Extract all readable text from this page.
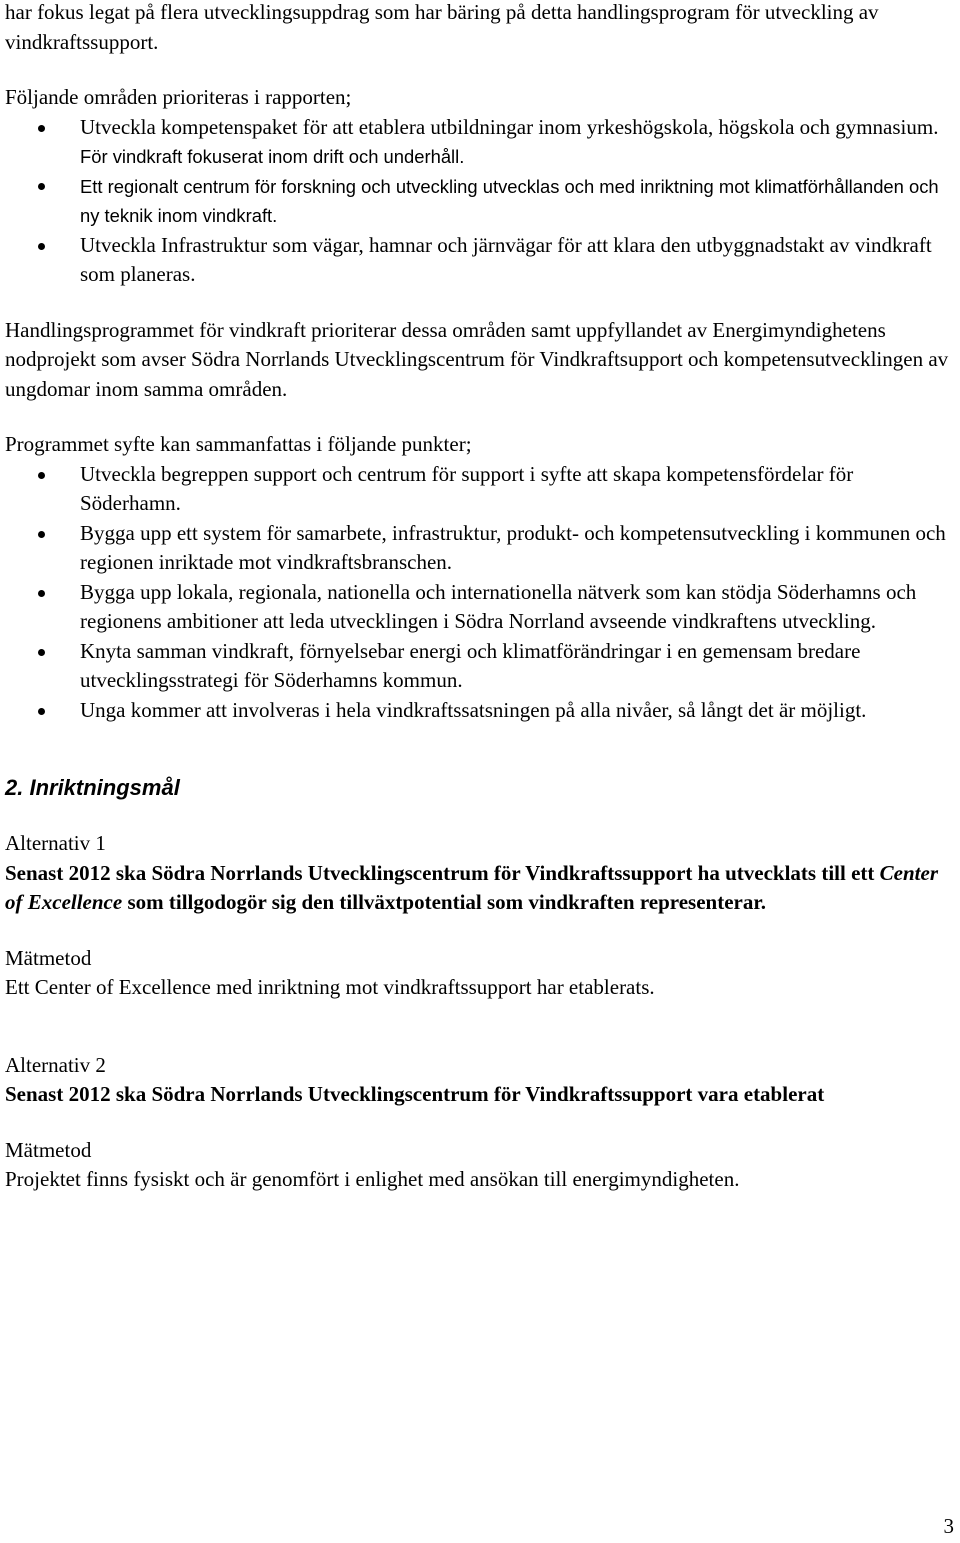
har fokus legat på flera utvecklingsuppdrag som har bäring på detta handlingsprogram för utveckling av vindkraftssupport.

Följande områden prioriteras i rapporten;

Utveckla kompetenspaket för att etablera utbildningar inom yrkeshögskola, högskola och gymnasium. För vindkraft fokuserat inom drift och underhåll.
Ett regionalt centrum för forskning och utveckling utvecklas och med inriktning mot klimatförhållanden och ny teknik inom vindkraft.
Utveckla Infrastruktur som vägar, hamnar och järnvägar för att klara den utbyggnadstakt av vindkraft som planeras.

Handlingsprogrammet för vindkraft prioriterar dessa områden samt uppfyllandet av Energimyndighetens nodprojekt som avser Södra Norrlands Utvecklingscentrum för Vindkraftsupport och kompetensutvecklingen av ungdomar inom samma områden.

Programmet syfte kan sammanfattas i följande punkter;

Utveckla begreppen support och centrum för support i syfte att skapa kompetensfördelar för Söderhamn.
Bygga upp ett system för samarbete, infrastruktur, produkt- och kompetensutveckling i kommunen och regionen inriktade mot vindkraftsbranschen.
Bygga upp lokala, regionala, nationella och internationella nätverk som kan stödja Söderhamns och regionens ambitioner att leda utvecklingen i Södra Norrland avseende vindkraftens utveckling.
Knyta samman vindkraft, förnyelsebar energi och klimatförändringar i en gemensam bredare utvecklingsstrategi för Söderhamns kommun.
Unga kommer att involveras i hela vindkraftssatsningen på alla nivåer, så långt det är möjligt.

2. Inriktningsmål

Alternativ 1

Senast 2012 ska Södra Norrlands Utvecklingscentrum för Vindkraftssupport ha utvecklats till ett Center of Excellence som tillgodogör sig den tillväxtpotential som vindkraften representerar.

Mätmetod

Ett Center of Excellence med inriktning mot vindkraftssupport har etablerats.

Alternativ 2

Senast 2012 ska Södra Norrlands Utvecklingscentrum för Vindkraftssupport vara etablerat

Mätmetod

Projektet finns fysiskt och är genomfört i enlighet med ansökan till energimyndigheten.

3
